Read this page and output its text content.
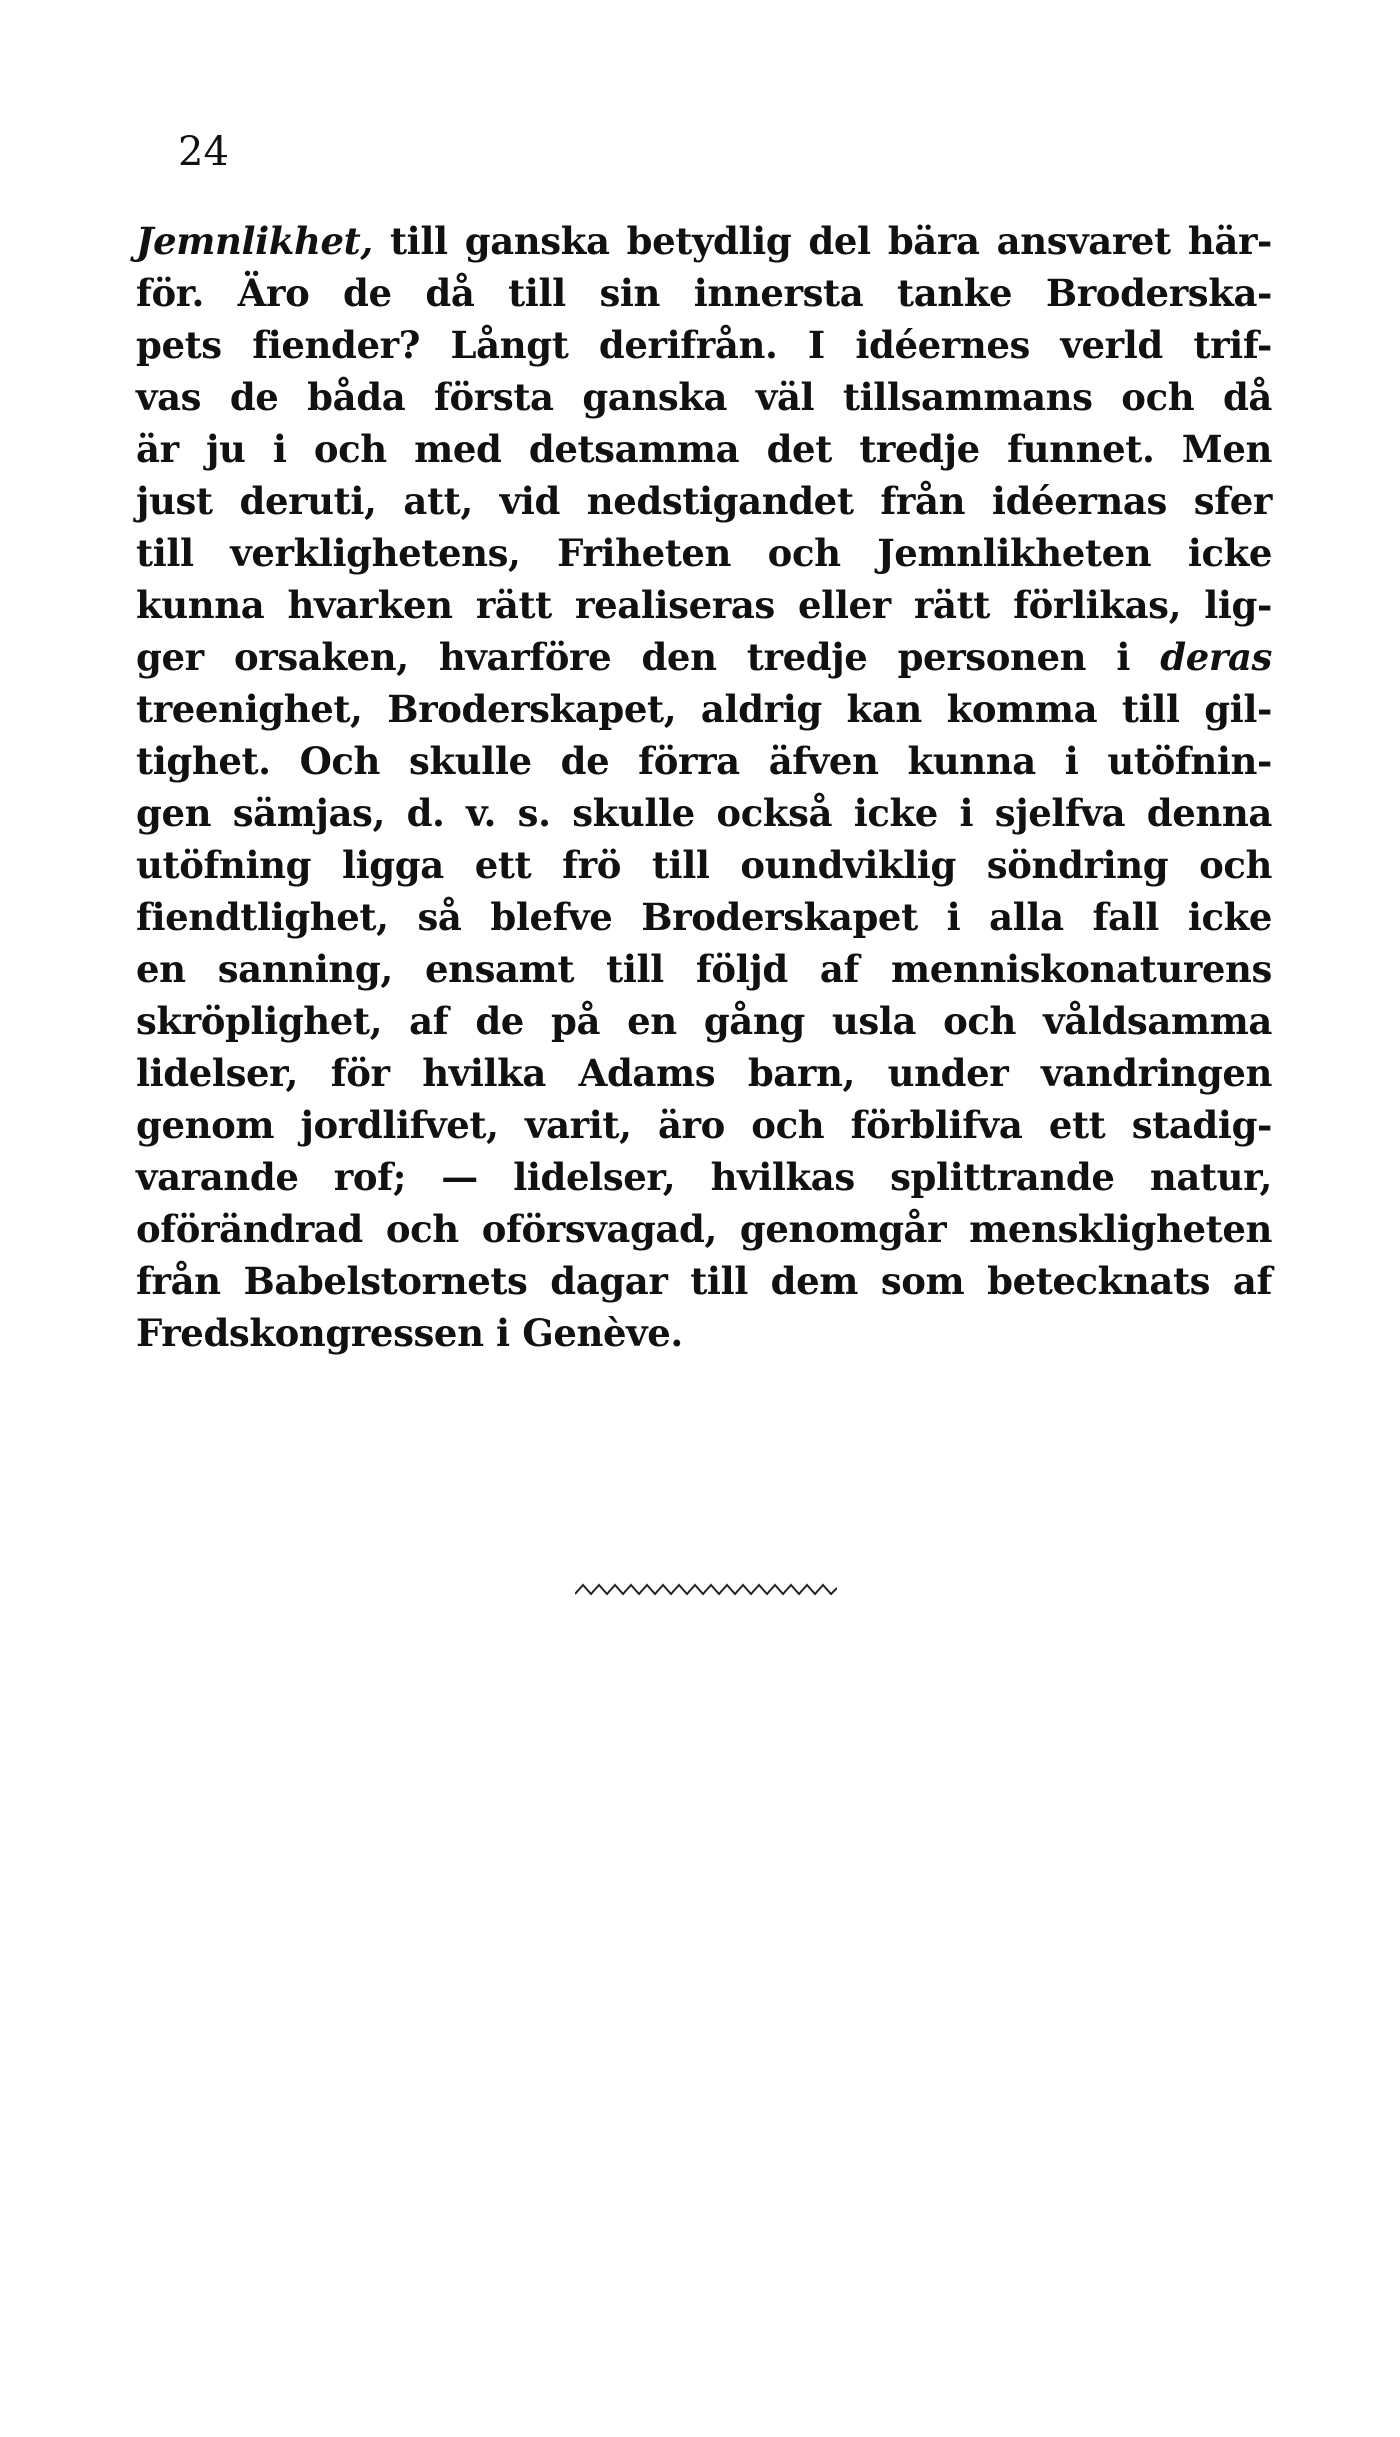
24
Jemnlikhet, till ganska betydlig del bära ansvaret här-
för. Äro de då till sin innersta tanke Broderska-
pets fiender? Långt derifrån. I idéernes verld trif-
vas de båda första ganska väl tillsammans och då
är ju i och med detsamma det tredje funnet. Men
just deruti, att, vid nedstigandet från idéernas sfer
till verklighetens, Friheten och Jemnlikheten icke
kunna hvarken rätt realiseras eller rätt förlikas, lig-
ger orsaken, hvarföre den tredje personen i deras
treenighet, Broderskapet, aldrig kan komma till gil-
tighet. Och skulle de förra äfven kunna i utöfnin-
gen sämjas, d. v. s. skulle också icke i sjelfva denna
utöfning ligga ett frö till oundviklig söndring och
fiendtlighet, så blefve Broderskapet i alla fall icke
en sanning, ensamt till följd af menniskonaturens
skröplighet, af de på en gång usla och våldsamma
lidelser, för hvilka Adams barn, under vandringen
genom jordlifvet, varit, äro och förblifva ett stadig-
varande rof; — lidelser, hvilkas splittrande natur,
oförändrad och oförsvagad, genomgår menskligheten
från Babelstornets dagar till dem som betecknats af
Fredskongressen i Genève.
